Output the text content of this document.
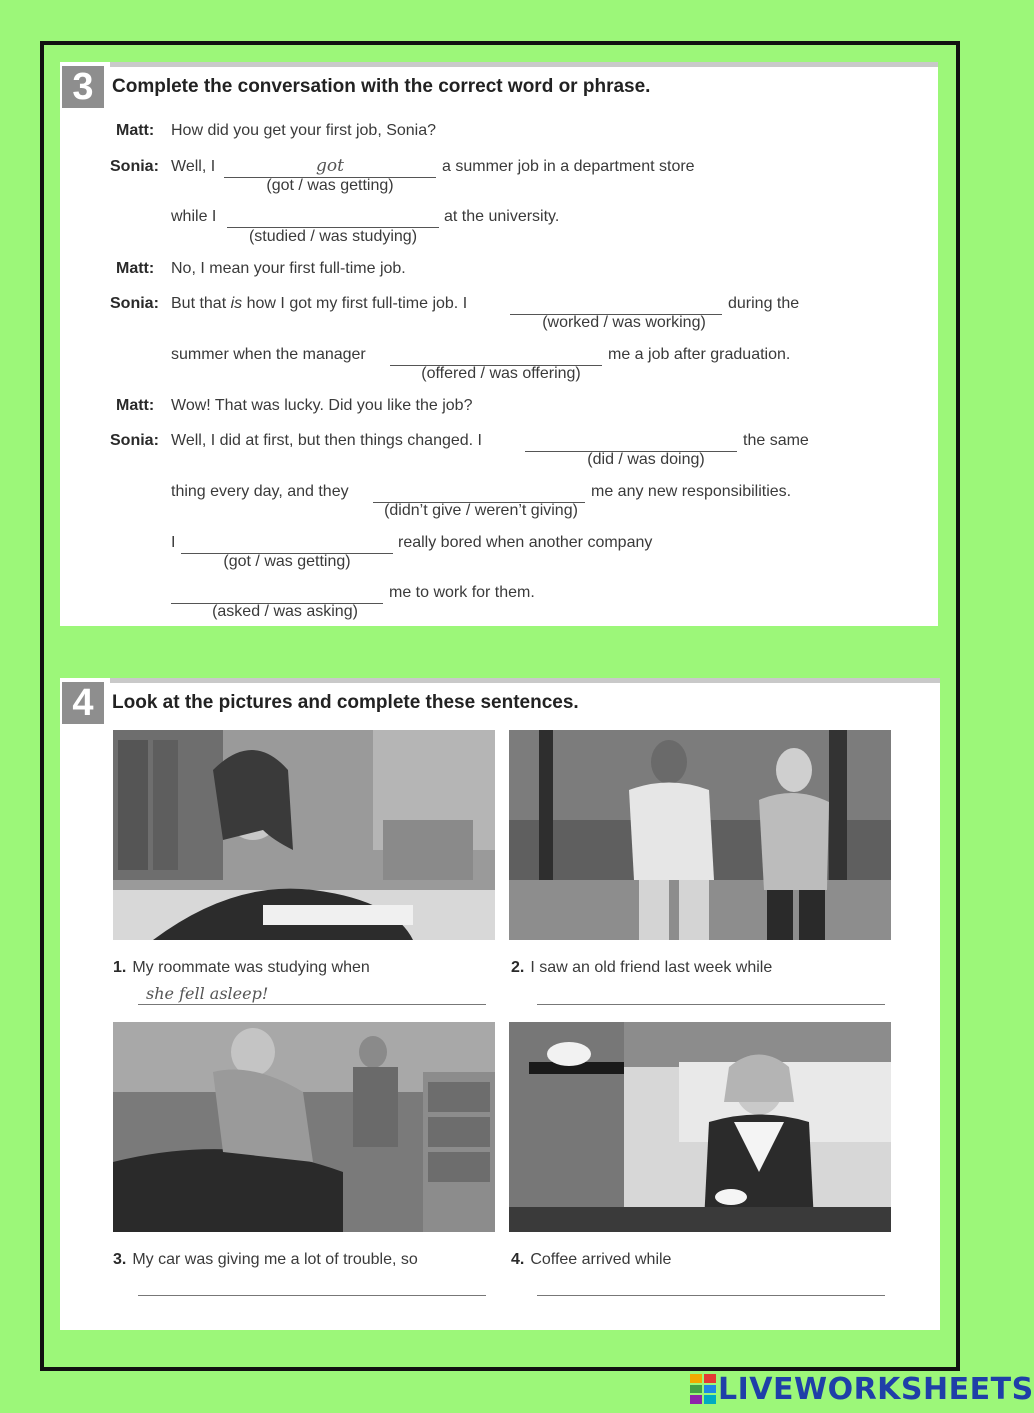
3 Complete the conversation with the correct word or phrase.
Matt: How did you get your first job, Sonia?
Sonia: Well, I	got	a summer job in a department store
(got / was getting)
while I	at the university.
(studied / was studying)
Matt: No, I mean your first full-time job.
Sonia: But that is how I got my first full-time job. I	during the
(worked / was working)
summer when the manager	me a job after graduation.
(offered / was offering)
Matt: Wow! That was lucky. Did you like the job?
Sonia: Well, I did at first, but then things changed. I	the same
(did / was doing)
thing every day, and they	me any new responsibilities.
(didn’t give / weren’t giving)
I	really bored when another company
(got / was getting)
me to work for them.
(asked / was asking)
4 Look at the pictures and complete these sentences.
1. My roommate was studying when
she fell asleep!
2. I saw an old friend last week while
3. My car was giving me a lot of trouble, so	4. Coffee arrived while
LIVEWORKSHEETS
